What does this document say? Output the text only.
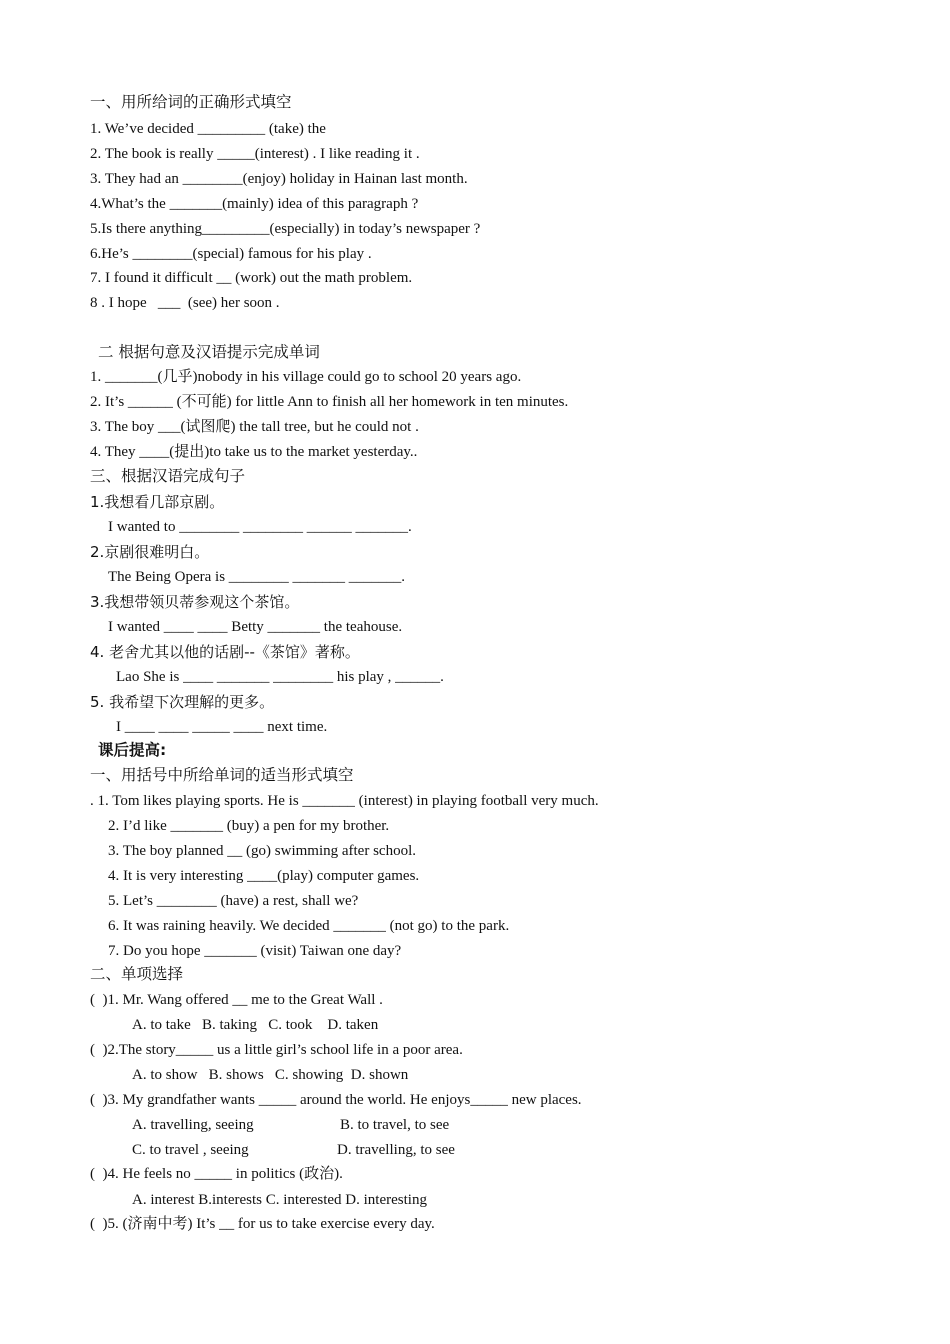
一、用所给词的正确形式填空
1. We’ve decided _________ (take) the
2. The book is really _____(interest) . I like reading it .
3. They had an ________(enjoy) holiday in Hainan last month.
4.What’s the _______(mainly) idea of this paragraph ?
5.Is there anything_________(especially) in today’s newspaper ?
6.He’s ________(special) famous for his play .
7. I found it difficult __ (work) out the math problem.
8 . I hope   ___  (see) her soon .
二 根据句意及汉语提示完成单词
1. _______(几乎)nobody in his village could go to school 20 years ago.
2. It’s ______ (不可能) for little Ann to finish all her homework in ten minutes.
3. The boy ___(试图爬) the tall tree, but he could not .
4. They ____(提出)to take us to the market yesterday..
三、根据汉语完成句子
1.我想看几部京剧。
I wanted to ________ ________ ______ _______.
2.京剧很难明白。
The Being Opera is ________ _______ _______.
3.我想带领贝蒂参观这个茶馆。
I wanted ____ ____ Betty _______ the teahouse.
4. 老舍尤其以他的话剧--《茶馆》著称。
Lao She is ____ _______ ________ his play , ______.
5. 我希望下次理解的更多。
I ____ ____ _____ ____ next time.
课后提高:
一、用括号中所给单词的适当形式填空
. 1. Tom likes playing sports. He is _______ (interest) in playing football very much.
2. I’d like _______ (buy) a pen for my brother.
3. The boy planned __ (go) swimming after school.
4. It is very interesting ____(play) computer games.
5. Let’s ________ (have) a rest, shall we?
6. It was raining heavily. We decided _______ (not go) to the park.
7. Do you hope _______ (visit) Taiwan one day?
二、单项选择
(  )1. Mr. Wang offered __ me to the Great Wall .
A. to take   B. taking   C. took    D. taken
(  )2.The story_____ us a little girl’s school life in a poor area.
A. to show   B. shows   C. showing  D. shown
(  )3. My grandfather wants _____ around the world. He enjoys_____ new places.
A. travelling, seeing	B. to travel, to see
C. to travel , seeing	D. travelling, to see
(  )4. He feels no _____ in politics (政治).
A. interest B.interests C. interested D. interesting
(  )5. (济南中考) It’s __ for us to take exercise every day.
